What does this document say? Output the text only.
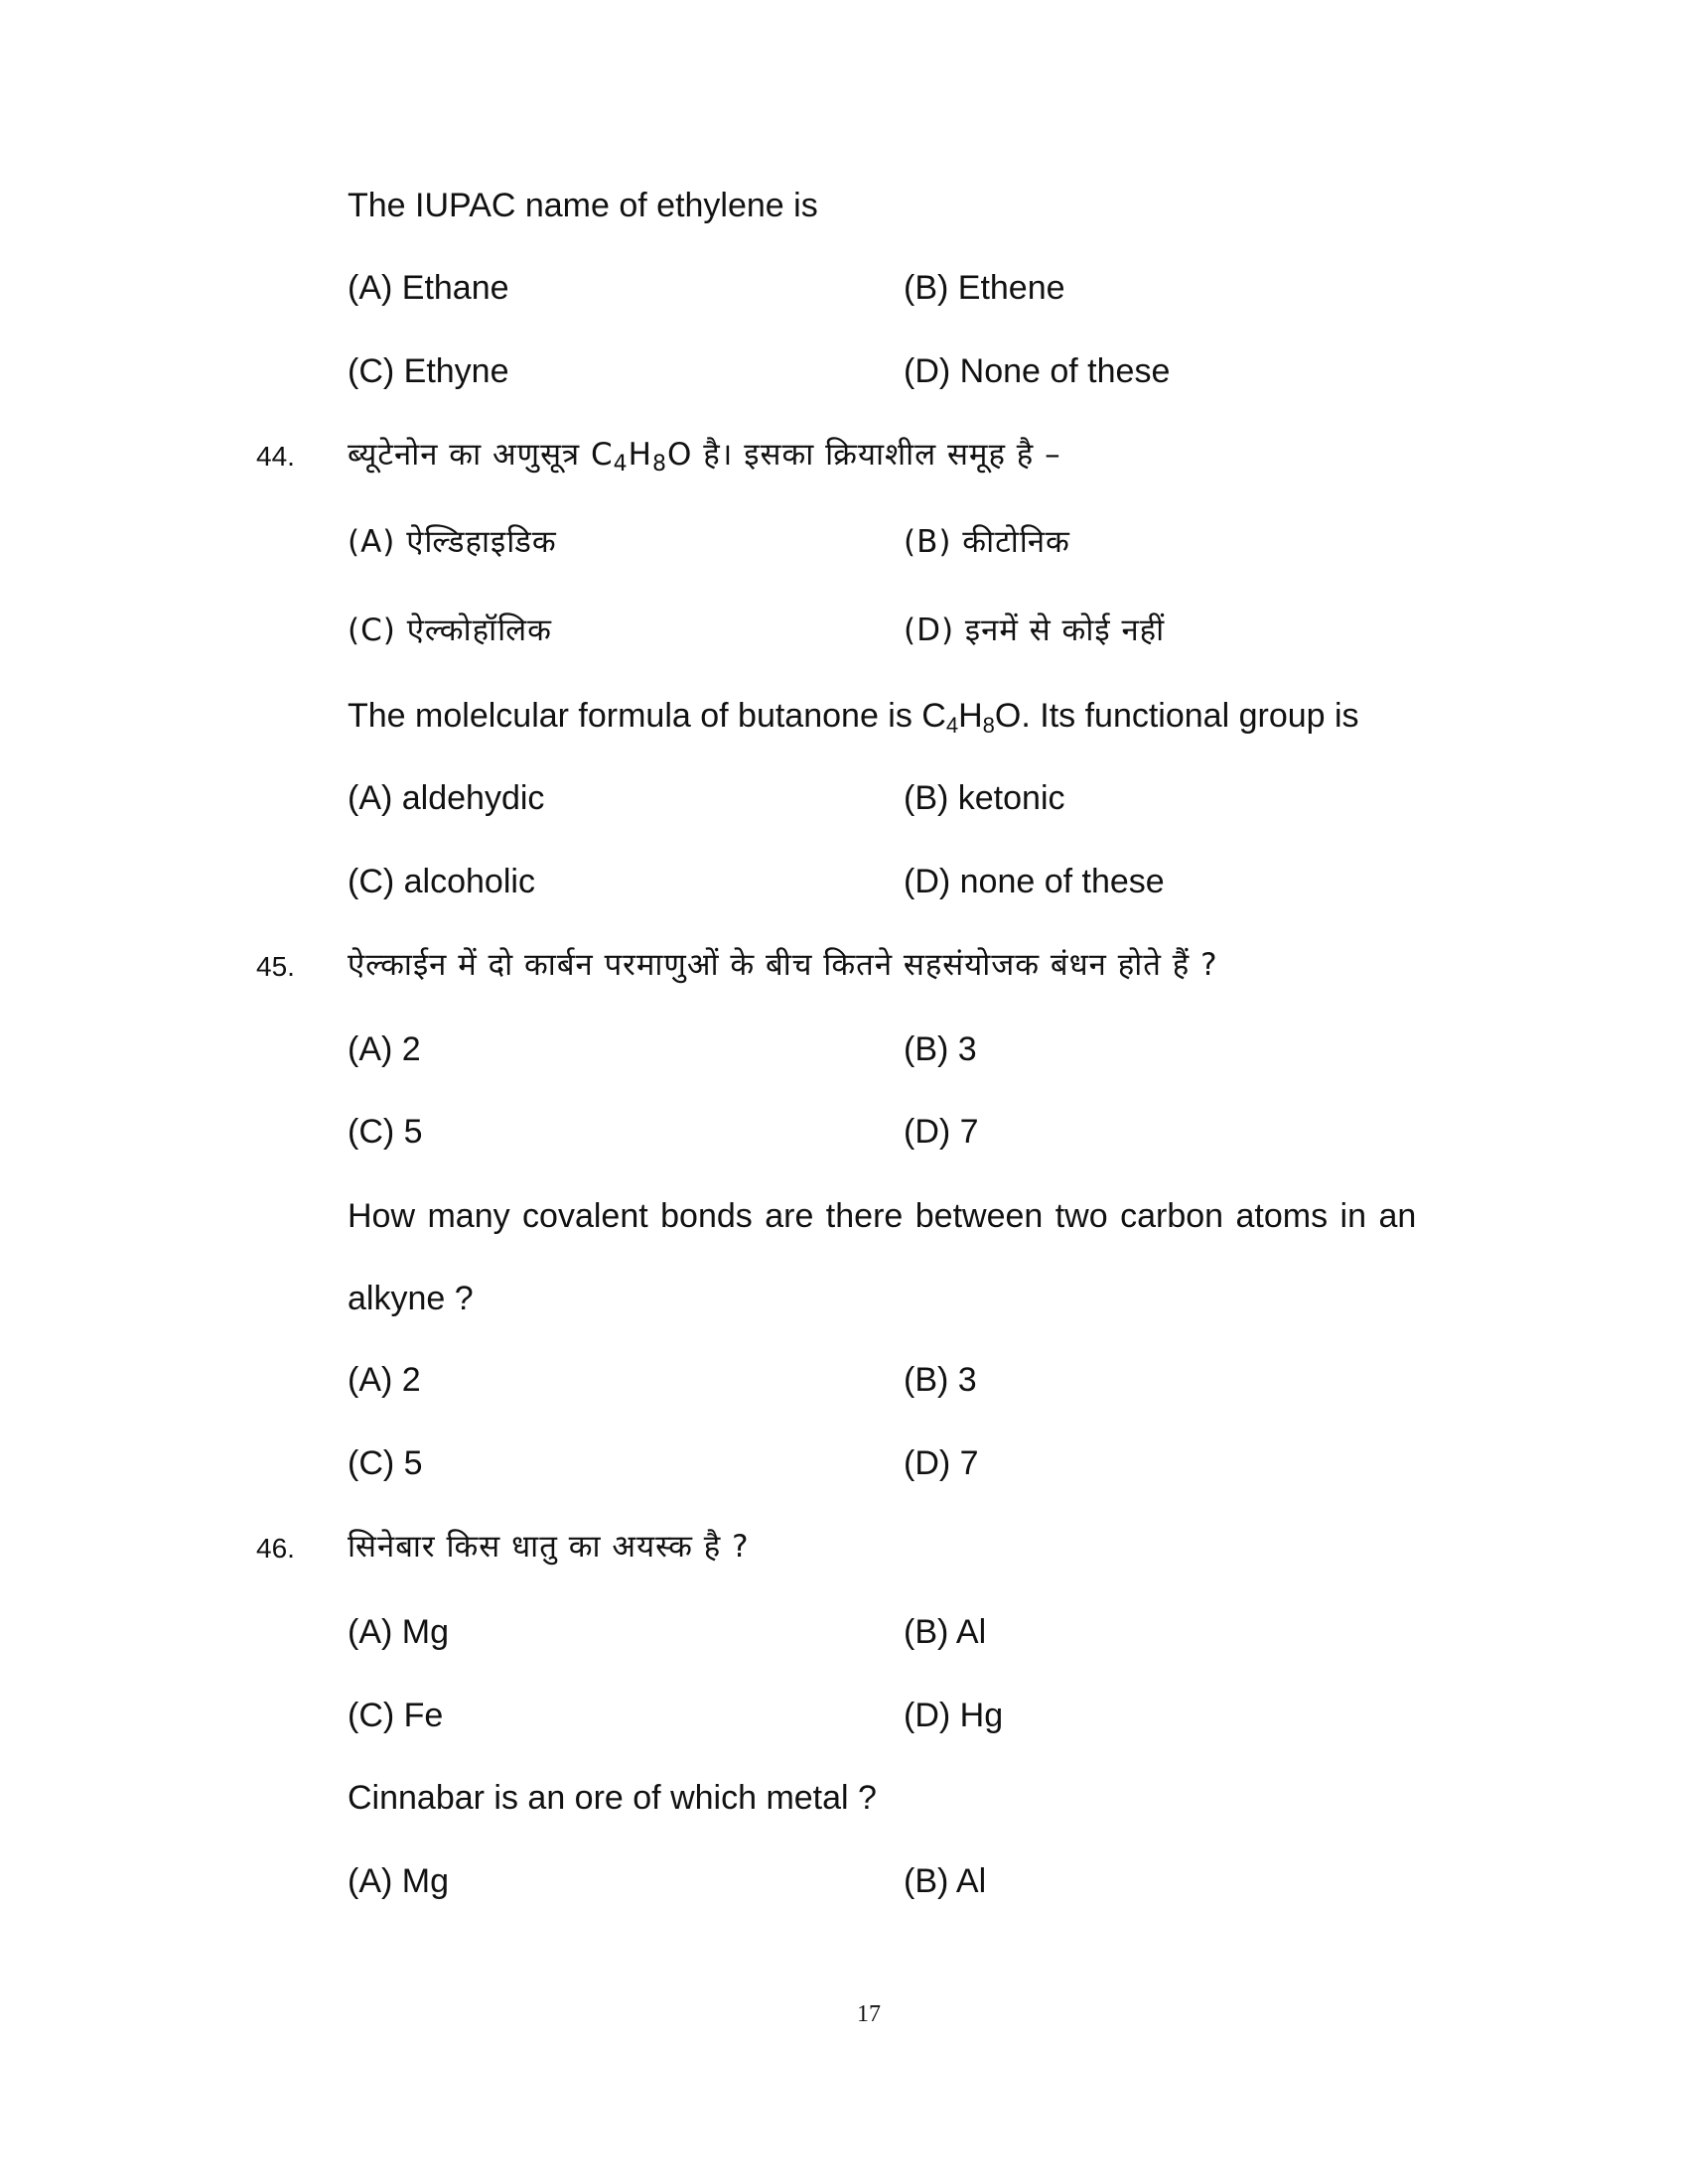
The IUPAC name of ethylene is
(A) Ethane	(B) Ethene
(C) Ethyne	(D) None of these
44. ब्यूटेनोन का अणुसूत्र $C_4H_8O$ है। इसका क्रियाशील समूह है –
(A) ऐल्डिहाइडिक	(B) कीटोनिक
(C) ऐल्कोहॉलिक	(D) इनमें से कोई नहीं
The molelcular formula of butanone is $C_4H_8O$. Its functional group is
(A) aldehydic	(B) ketonic
(C) alcoholic	(D) none of these
45. ऐल्काईन में दो कार्बन परमाणुओं के बीच कितने सहसंयोजक बंधन होते हैं ?
(A) 2	(B) 3
(C) 5	(D) 7
How many covalent bonds are there between two carbon atoms in an
alkyne ?
(A) 2	(B) 3
(C) 5	(D) 7
46. सिनेबार किस धातु का अयस्क है ?
(A) Mg	(B) Al
(C) Fe	(D) Hg
Cinnabar is an ore of which metal ?
(A) Mg	(B) Al
17
